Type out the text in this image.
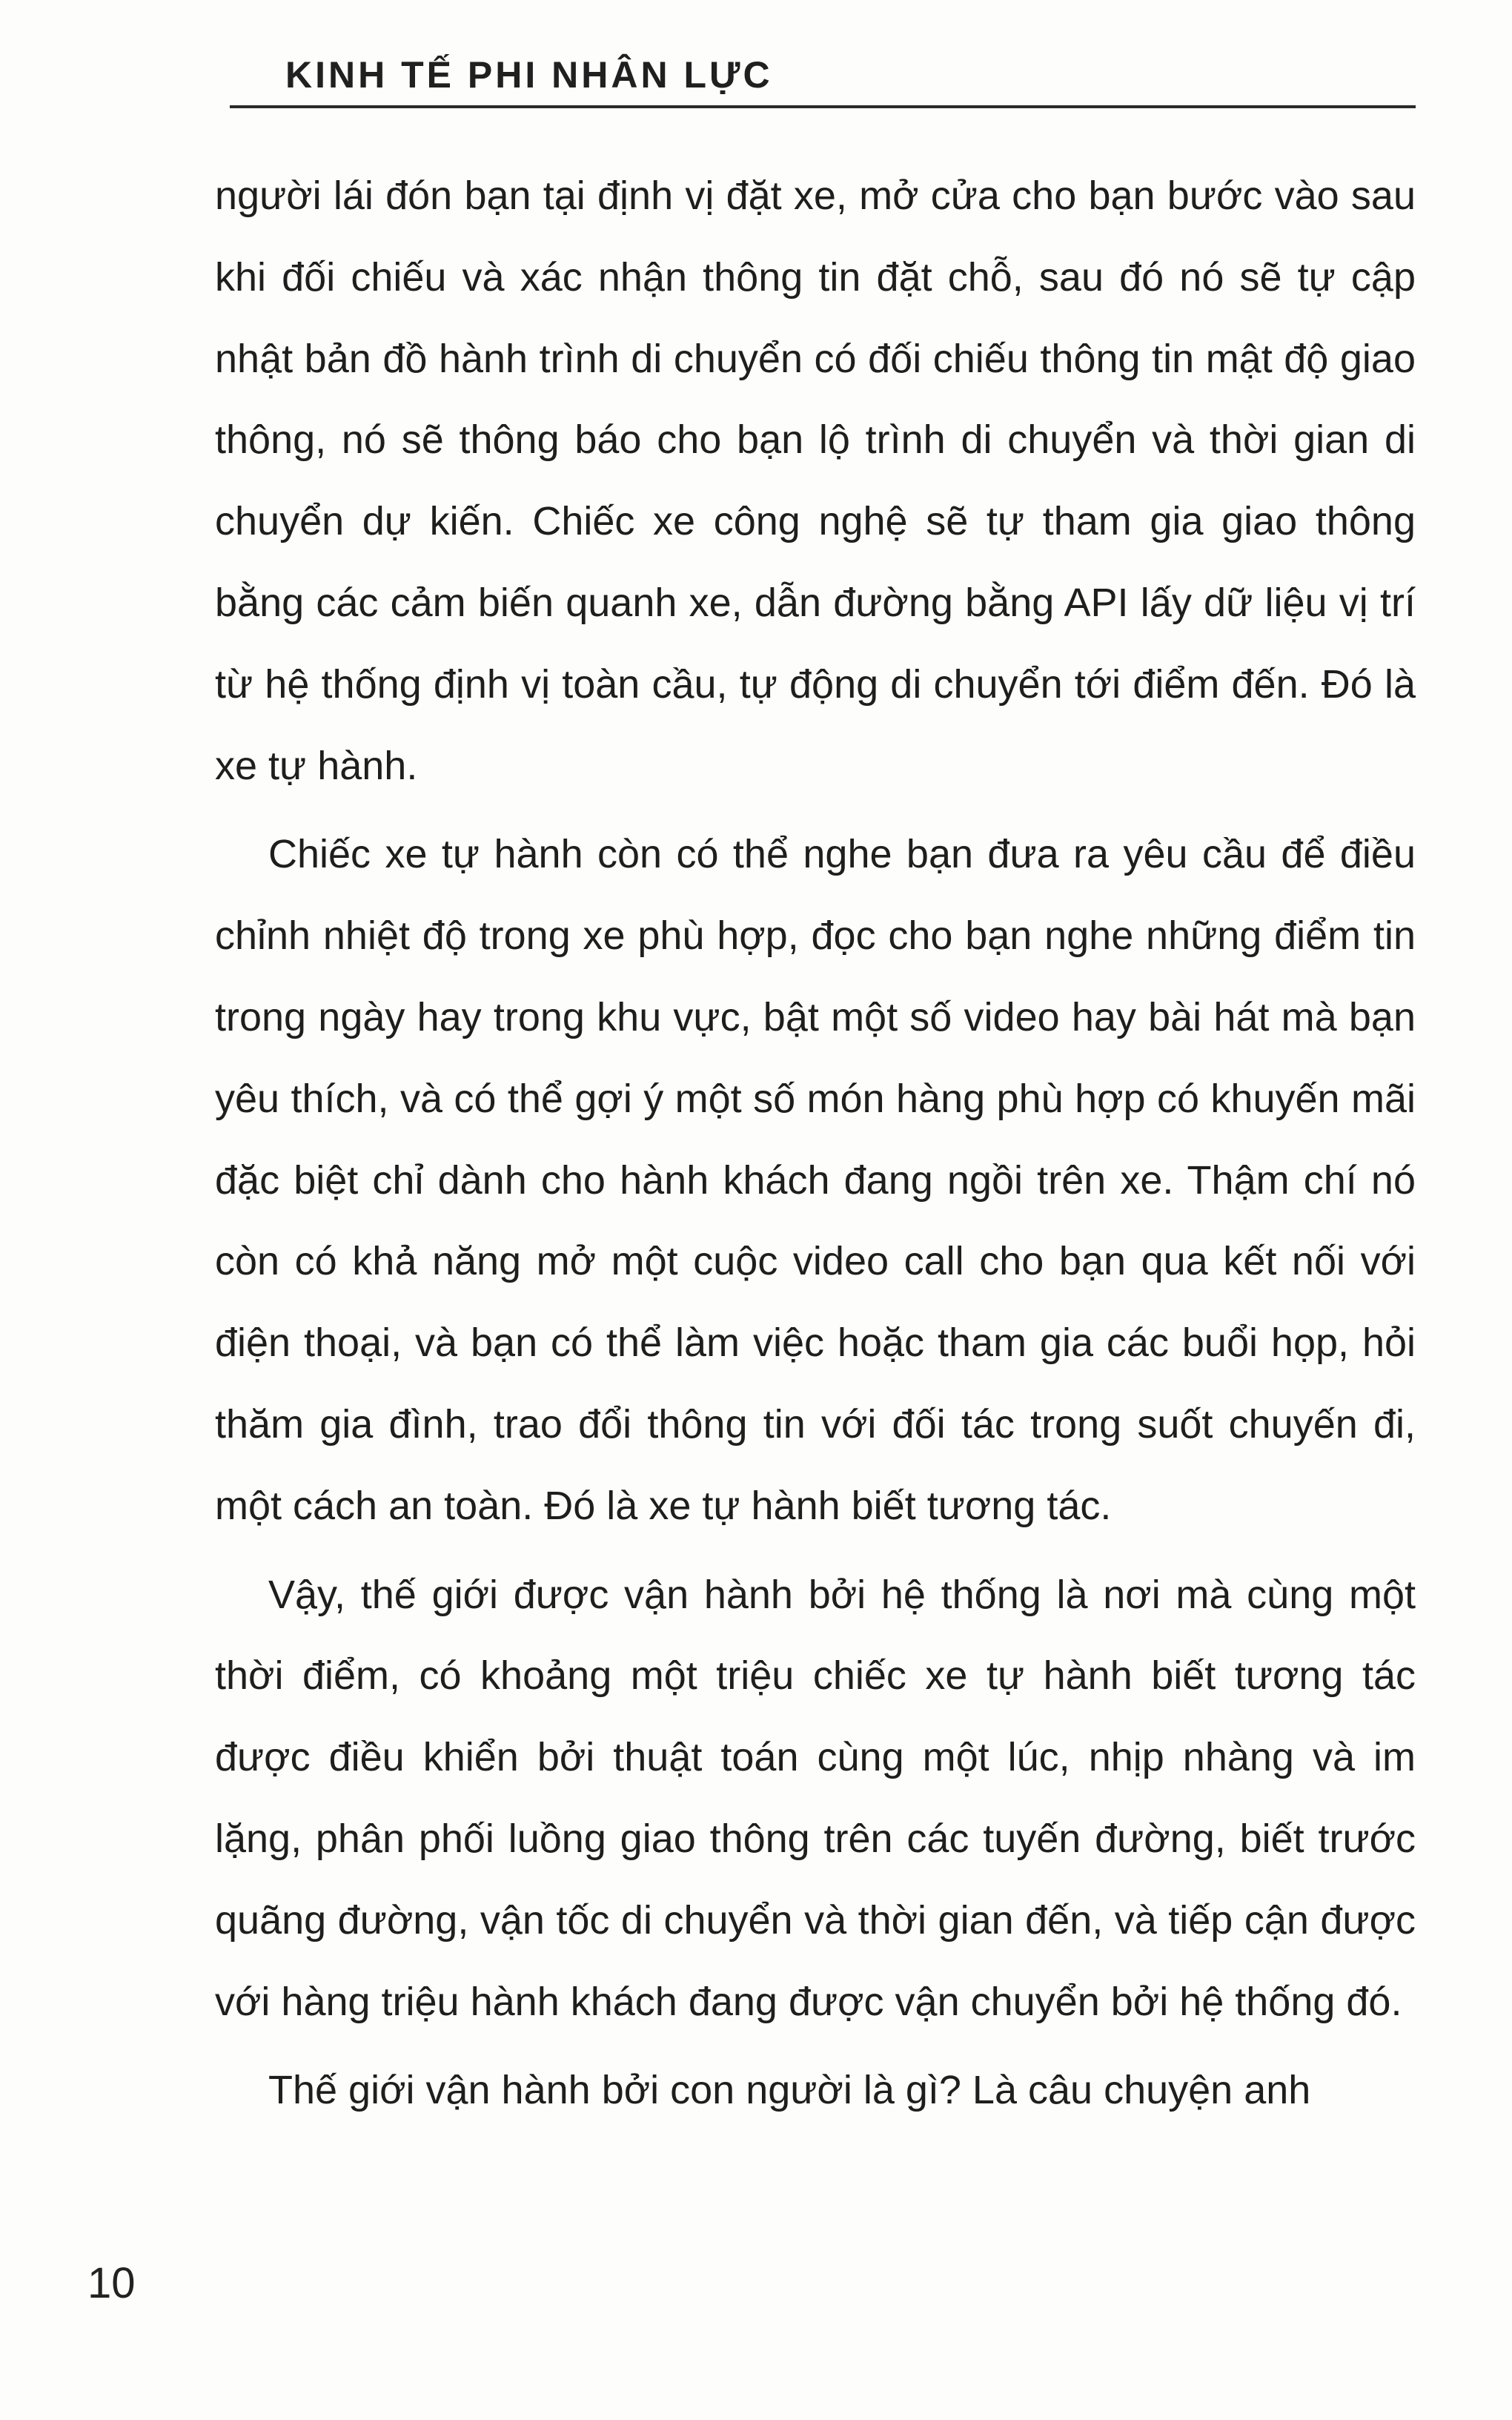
KINH TẾ PHI NHÂN LỰC

người lái đón bạn tại định vị đặt xe, mở cửa cho bạn bước vào sau khi đối chiếu và xác nhận thông tin đặt chỗ, sau đó nó sẽ tự cập nhật bản đồ hành trình di chuyển có đối chiếu thông tin mật độ giao thông, nó sẽ thông báo cho bạn lộ trình di chuyển và thời gian di chuyển dự kiến. Chiếc xe công nghệ sẽ tự tham gia giao thông bằng các cảm biến quanh xe, dẫn đường bằng API lấy dữ liệu vị trí từ hệ thống định vị toàn cầu, tự động di chuyển tới điểm đến. Đó là xe tự hành.

Chiếc xe tự hành còn có thể nghe bạn đưa ra yêu cầu để điều chỉnh nhiệt độ trong xe phù hợp, đọc cho bạn nghe những điểm tin trong ngày hay trong khu vực, bật một số video hay bài hát mà bạn yêu thích, và có thể gợi ý một số món hàng phù hợp có khuyến mãi đặc biệt chỉ dành cho hành khách đang ngồi trên xe. Thậm chí nó còn có khả năng mở một cuộc video call cho bạn qua kết nối với điện thoại, và bạn có thể làm việc hoặc tham gia các buổi họp, hỏi thăm gia đình, trao đổi thông tin với đối tác trong suốt chuyến đi, một cách an toàn. Đó là xe tự hành biết tương tác.

Vậy, thế giới được vận hành bởi hệ thống là nơi mà cùng một thời điểm, có khoảng một triệu chiếc xe tự hành biết tương tác được điều khiển bởi thuật toán cùng một lúc, nhịp nhàng và im lặng, phân phối luồng giao thông trên các tuyến đường, biết trước quãng đường, vận tốc di chuyển và thời gian đến, và tiếp cận được với hàng triệu hành khách đang được vận chuyển bởi hệ thống đó.

Thế giới vận hành bởi con người là gì? Là câu chuyện anh

10
